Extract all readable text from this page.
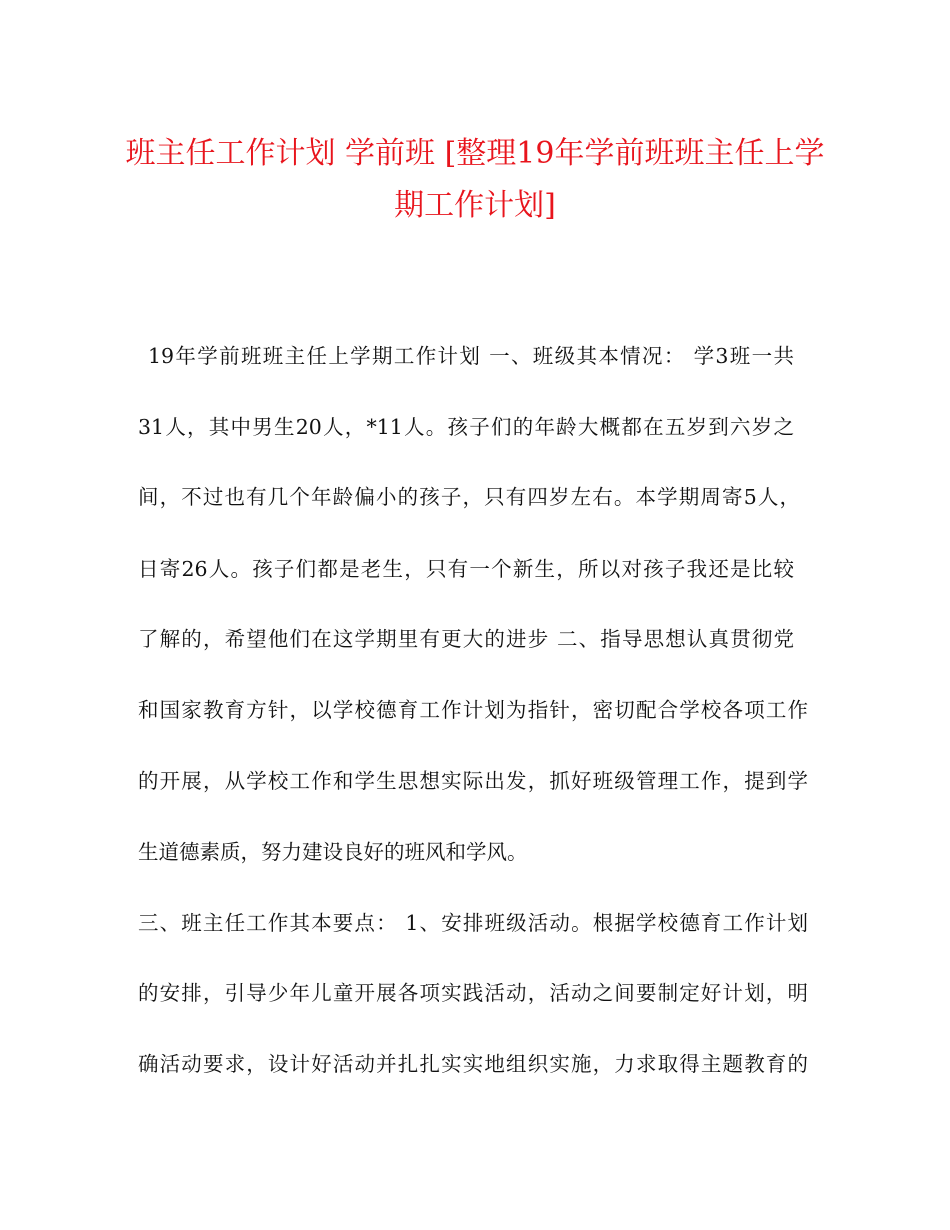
班主任工作计划 学前班 [整理19年学前班班主任上学
期工作计划]

19年学前班班主任上学期工作计划 一、班级其本情况： 学3班一共

31人，其中男生20人，*11人。孩子们的年龄大概都在五岁到六岁之

间，不过也有几个年龄偏小的孩子，只有四岁左右。本学期周寄5人，

日寄26人。孩子们都是老生，只有一个新生，所以对孩子我还是比较

了解的，希望他们在这学期里有更大的进步 二、指导思想认真贯彻党

和国家教育方针，以学校德育工作计划为指针，密切配合学校各项工作

的开展，从学校工作和学生思想实际出发，抓好班级管理工作，提到学

生道德素质，努力建设良好的班风和学风。

三、班主任工作其本要点： 1、安排班级活动。根据学校德育工作计划

的安排，引导少年儿童开展各项实践活动，活动之间要制定好计划，明

确活动要求，设计好活动并扎扎实实地组织实施，力求取得主题教育的
